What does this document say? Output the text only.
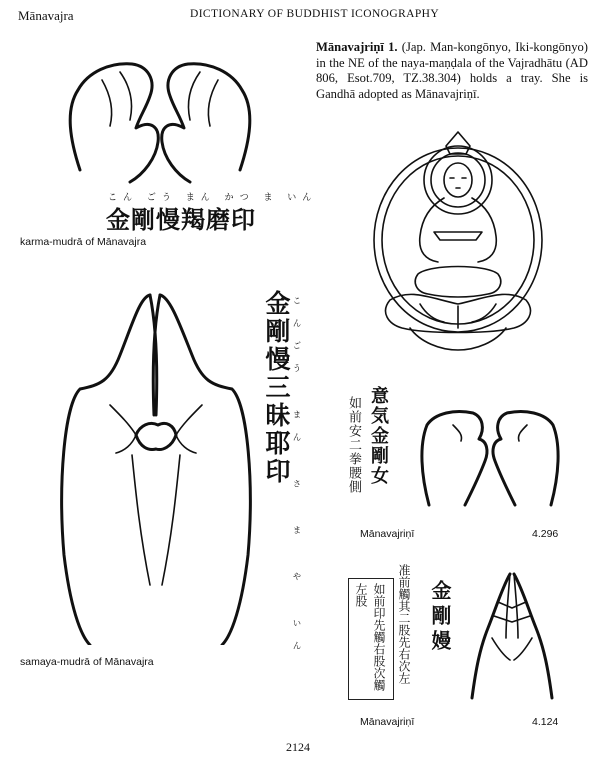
Mānavajra	DICTIONARY OF BUDDHIST ICONOGRAPHY
Mānavajriṇī 1. (Jap. Man-kongōnyo, Iki-kongōnyo) in the NE of the naya-maṇḍala of the Vajradhātu (AD 806, Esot.709, TZ.38.304) holds a tray. She is Gandhā adopted as Mānavajriṇī.
こん ごう まん かつ ま いん
金剛慢羯磨印
karma-mudrā of Mānavajra
金剛慢三昧耶印 こんごう まん さ ま や いん
samaya-mudrā of Mānavajra
意気金剛女
如前安二拳腰側
Mānavajriṇī	4.296
金剛嫚
准前觸其二股先右次左
如前印先觸右股次觸
左股
Mānavajriṇī	4.124
2124
